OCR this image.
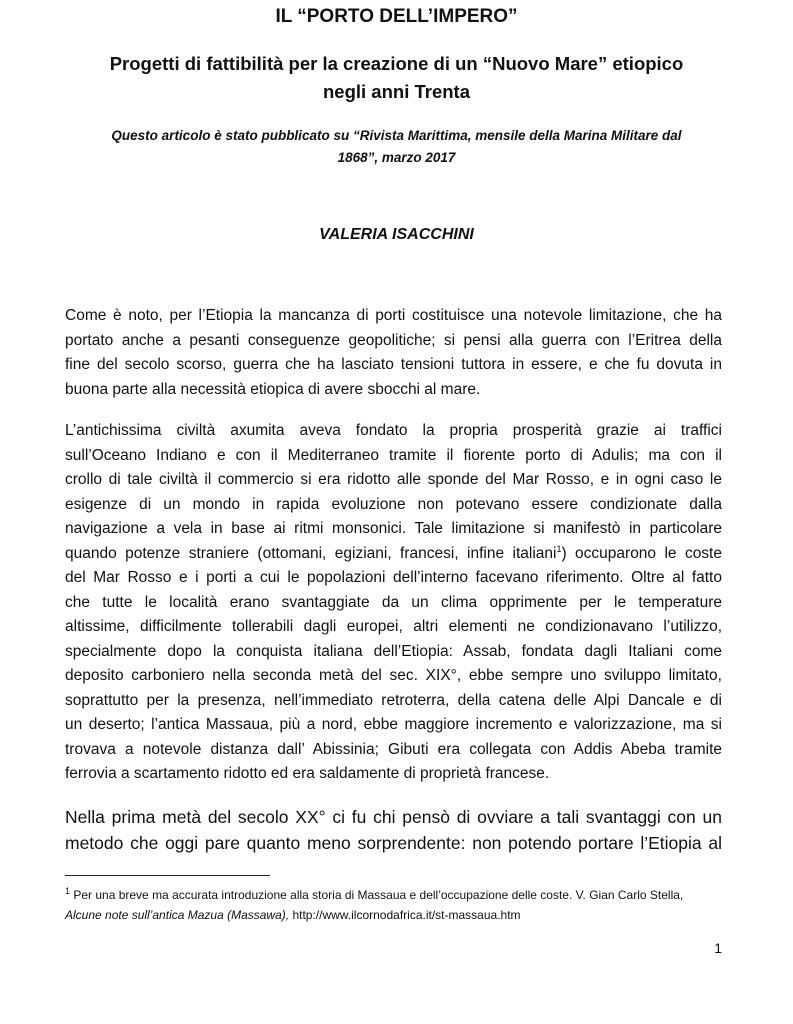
IL “PORTO DELL’IMPERO”
Progetti di fattibilità per la creazione di un “Nuovo Mare” etiopico
negli anni Trenta
Questo articolo è stato pubblicato su “Rivista Marittima, mensile della Marina Militare dal
1868”, marzo 2017
VALERIA ISACCHINI
Come è noto, per l’Etiopia la mancanza di porti costituisce una notevole limitazione, che ha
portato anche a pesanti conseguenze geopolitiche; si pensi alla guerra con l’Eritrea della
fine del secolo scorso, guerra che ha lasciato tensioni tuttora in essere, e che fu dovuta in
buona parte alla necessità etiopica di avere sbocchi al mare.
L’antichissima civiltà axumita aveva fondato la propria prosperità grazie ai traffici
sull’Oceano Indiano e con il Mediterraneo tramite il fiorente porto di Adulis; ma con il
crollo di tale civiltà il commercio si era ridotto alle sponde del Mar Rosso, e in ogni caso le
esigenze di un mondo in rapida evoluzione non potevano essere condizionate dalla
navigazione a vela in base ai ritmi monsonici. Tale limitazione si manifestò in particolare
quando potenze straniere (ottomani, egiziani, francesi, infine italiani$^1$) occuparono le coste
del Mar Rosso e i porti a cui le popolazioni dell’interno facevano riferimento. Oltre al fatto
che tutte le località erano svantaggiate da un clima opprimente per le temperature
altissime, difficilmente tollerabili dagli europei, altri elementi ne condizionavano l’utilizzo,
specialmente dopo la conquista italiana dell’Etiopia: Assab, fondata dagli Italiani come
deposito carboniero nella seconda metà del sec. XIX°, ebbe sempre uno sviluppo limitato,
soprattutto per la presenza, nell’immediato retroterra, della catena delle Alpi Dancale e di
un deserto; l’antica Massaua, più a nord, ebbe maggiore incremento e valorizzazione, ma si
trovava a notevole distanza dall’ Abissinia; Gibuti era collegata con Addis Abeba tramite
ferrovia a scartamento ridotto ed era saldamente di proprietà francese.
Nella prima metà del secolo XX° ci fu chi pensò di ovviare a tali svantaggi con un
metodo che oggi pare quanto meno sorprendente: non potendo portare l’Etiopia al
$^1$ Per una breve ma accurata introduzione alla storia di Massaua e dell’occupazione delle coste. V. Gian Carlo Stella,
Alcune note sull’antica Mazua (Massawa), http://www.ilcornodafrica.it/st-massaua.htm
1
